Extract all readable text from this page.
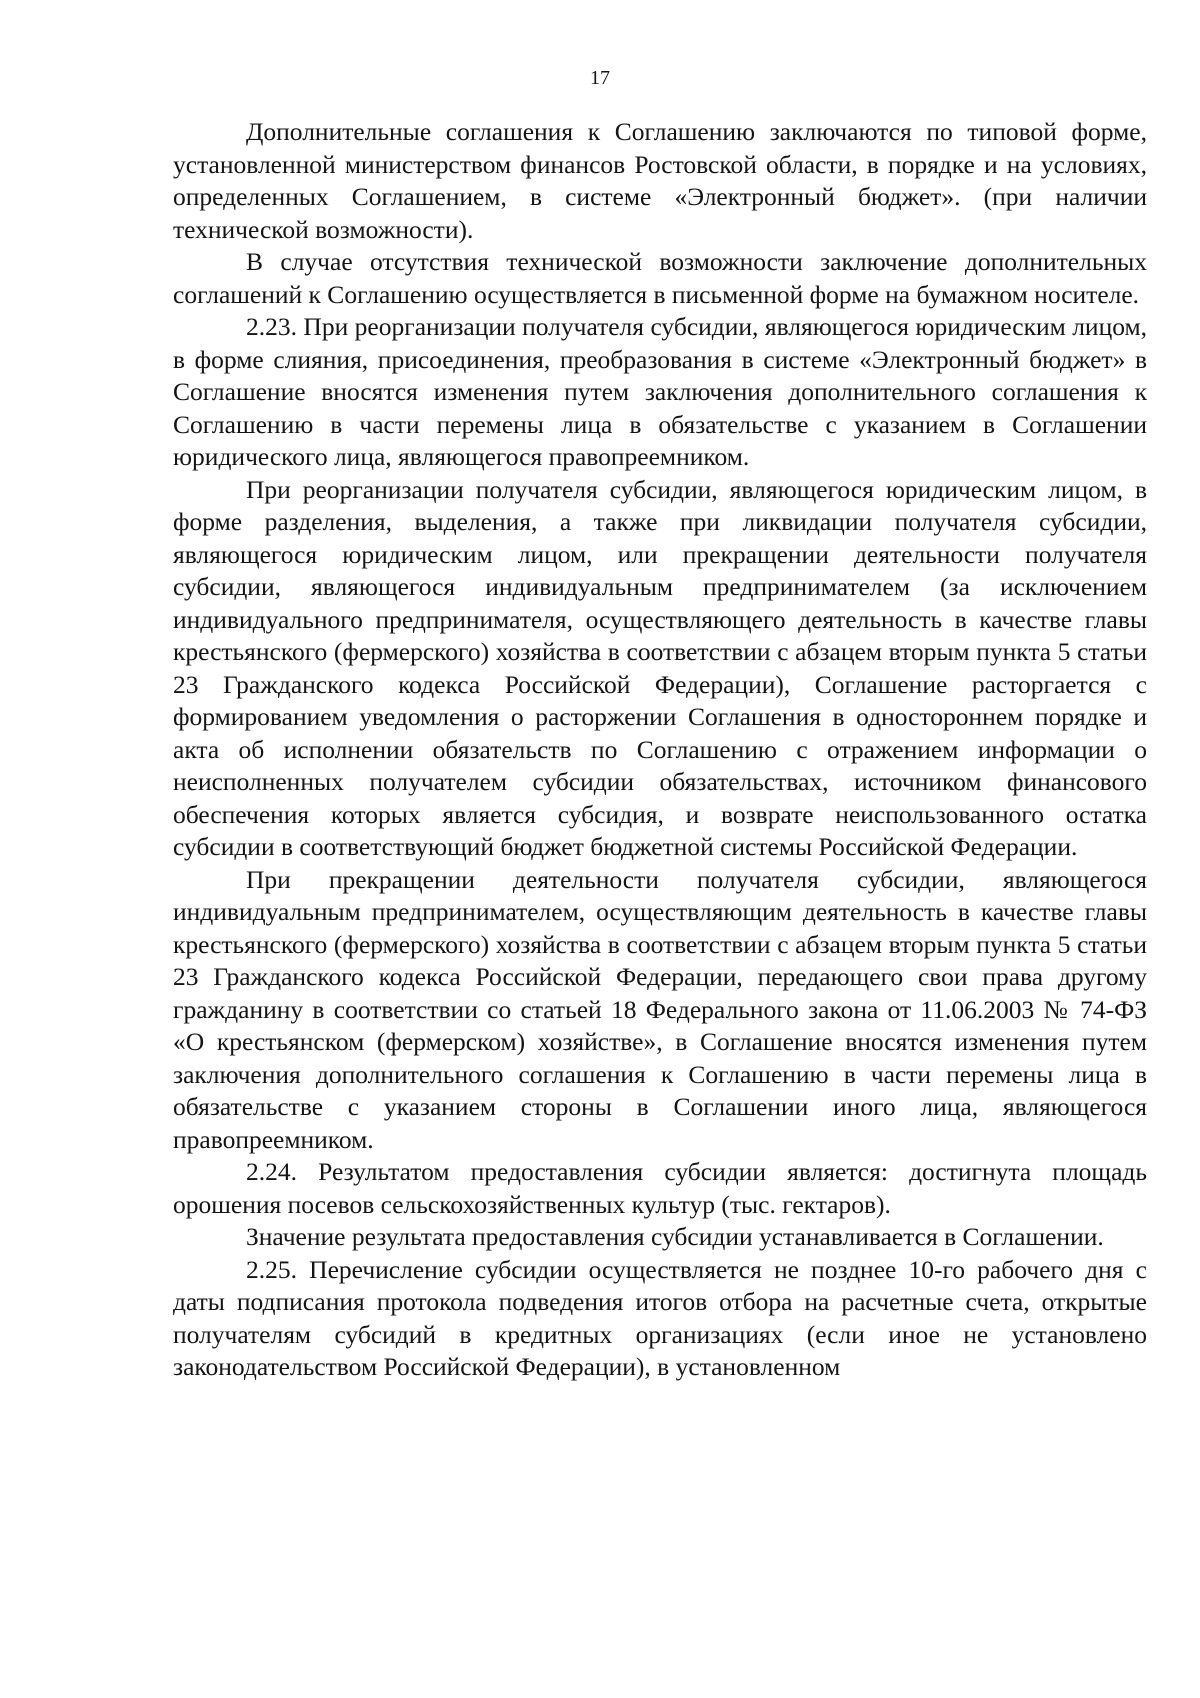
17

Дополнительные соглашения к Соглашению заключаются по типовой форме, установленной министерством финансов Ростовской области, в порядке и на условиях, определенных Соглашением, в системе «Электронный бюджет». (при наличии технической возможности).

В случае отсутствия технической возможности заключение дополнительных соглашений к Соглашению осуществляется в письменной форме на бумажном носителе.

2.23. При реорганизации получателя субсидии, являющегося юридическим лицом, в форме слияния, присоединения, преобразования в системе «Электронный бюджет» в Соглашение вносятся изменения путем заключения дополнительного соглашения к Соглашению в части перемены лица в обязательстве с указанием в Соглашении юридического лица, являющегося правопреемником.

При реорганизации получателя субсидии, являющегося юридическим лицом, в форме разделения, выделения, а также при ликвидации получателя субсидии, являющегося юридическим лицом, или прекращении деятельности получателя субсидии, являющегося индивидуальным предпринимателем (за исключением индивидуального предпринимателя, осуществляющего деятельность в качестве главы крестьянского (фермерского) хозяйства в соответствии с абзацем вторым пункта 5 статьи 23 Гражданского кодекса Российской Федерации), Соглашение расторгается с формированием уведомления о расторжении Соглашения в одностороннем порядке и акта об исполнении обязательств по Соглашению с отражением информации о неисполненных получателем субсидии обязательствах, источником финансового обеспечения которых является субсидия, и возврате неиспользованного остатка субсидии в соответствующий бюджет бюджетной системы Российской Федерации.

При прекращении деятельности получателя субсидии, являющегося индивидуальным предпринимателем, осуществляющим деятельность в качестве главы крестьянского (фермерского) хозяйства в соответствии с абзацем вторым пункта 5 статьи 23 Гражданского кодекса Российской Федерации, передающего свои права другому гражданину в соответствии со статьей 18 Федерального закона от 11.06.2003 № 74-ФЗ «О крестьянском (фермерском) хозяйстве», в Соглашение вносятся изменения путем заключения дополнительного соглашения к Соглашению в части перемены лица в обязательстве с указанием стороны в Соглашении иного лица, являющегося правопреемником.

2.24. Результатом предоставления субсидии является: достигнута площадь орошения посевов сельскохозяйственных культур (тыс. гектаров).

Значение результата предоставления субсидии устанавливается в Соглашении.

2.25. Перечисление субсидии осуществляется не позднее 10-го рабочего дня с даты подписания протокола подведения итогов отбора на расчетные счета, открытые получателям субсидий в кредитных организациях (если иное не установлено законодательством Российской Федерации), в установленном
